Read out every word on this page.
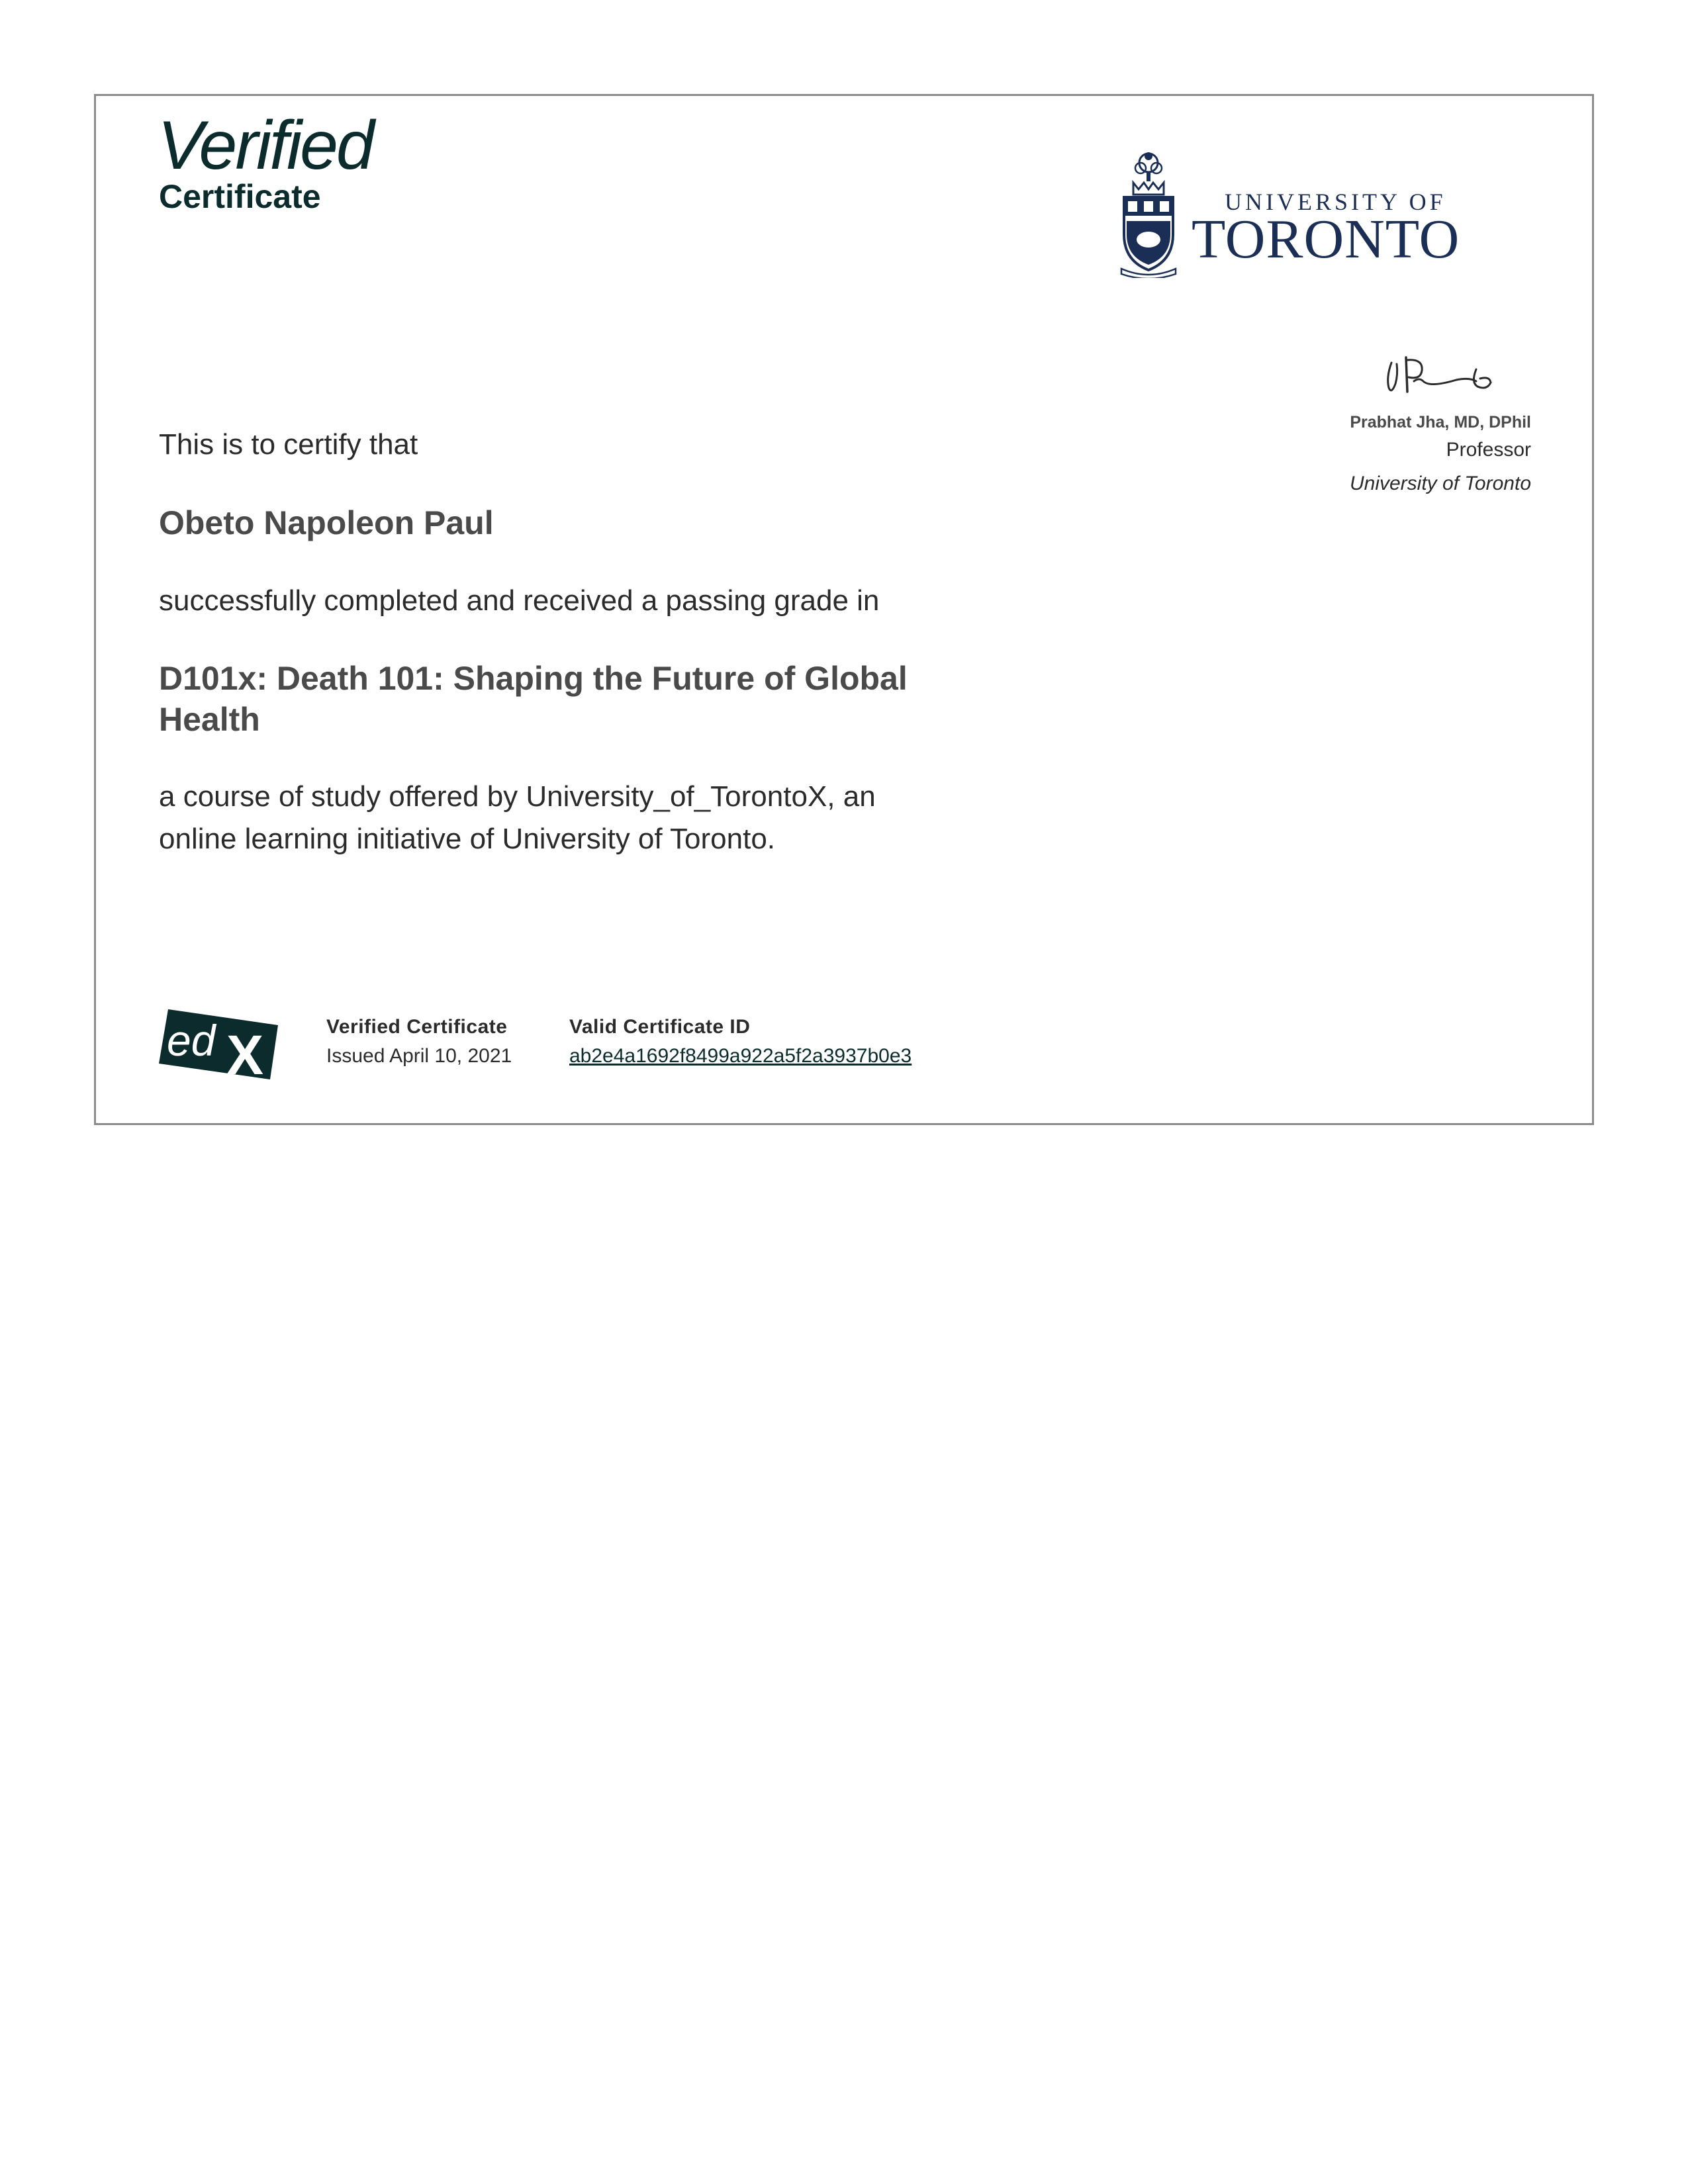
Verified
Certificate	UNIVERSITY OF
TORONTO
Prabhat Jha, MD, DPhil
Professor
University of Toronto

This is to certify that

Obeto Napoleon Paul

successfully completed and received a passing grade in

D101x: Death 101: Shaping the Future of Global Health

a course of study offered by University_of_TorontoX, an online learning initiative of University of Toronto.

ed X	Verified Certificate
Issued April 10, 2021
Valid Certificate ID
ab2e4a1692f8499a922a5f2a3937b0e3
